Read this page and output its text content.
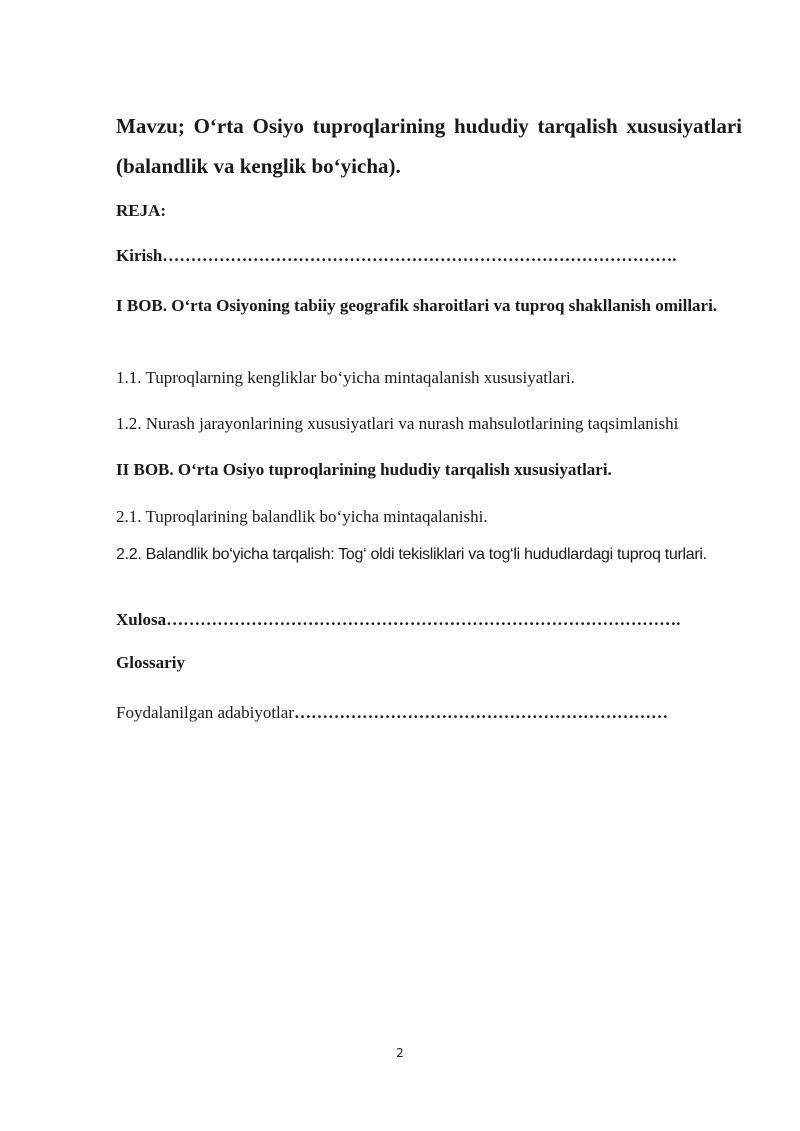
Mavzu; O‘rta Osiyo tuproqlarining hududiy tarqalish xususiyatlari (balandlik va kenglik bo‘yicha).

REJA:

Kirish……………………………………………………………………………….

I BOB. O‘rta Osiyoning tabiiy geografik sharoitlari va tuproq shakllanish omillari.

1.1. Tuproqlarning kengliklar bo‘yicha mintaqalanish xususiyatlari.

1.2. Nurash jarayonlarining xususiyatlari va nurash mahsulotlarining taqsimlanishi

II BOB. O‘rta Osiyo tuproqlarining hududiy tarqalish xususiyatlari.

2.1. Tuproqlarining balandlik bo‘yicha mintaqalanishi.

2.2. Balandlik bo‘yicha tarqalish: Tog‘ oldi tekisliklari va tog‘li hududlardagi tuproq turlari.

Xulosa……………………………………………………………………………….

Glossariy

Foydalanilgan adabiyotlar…………………………………………………………

2
